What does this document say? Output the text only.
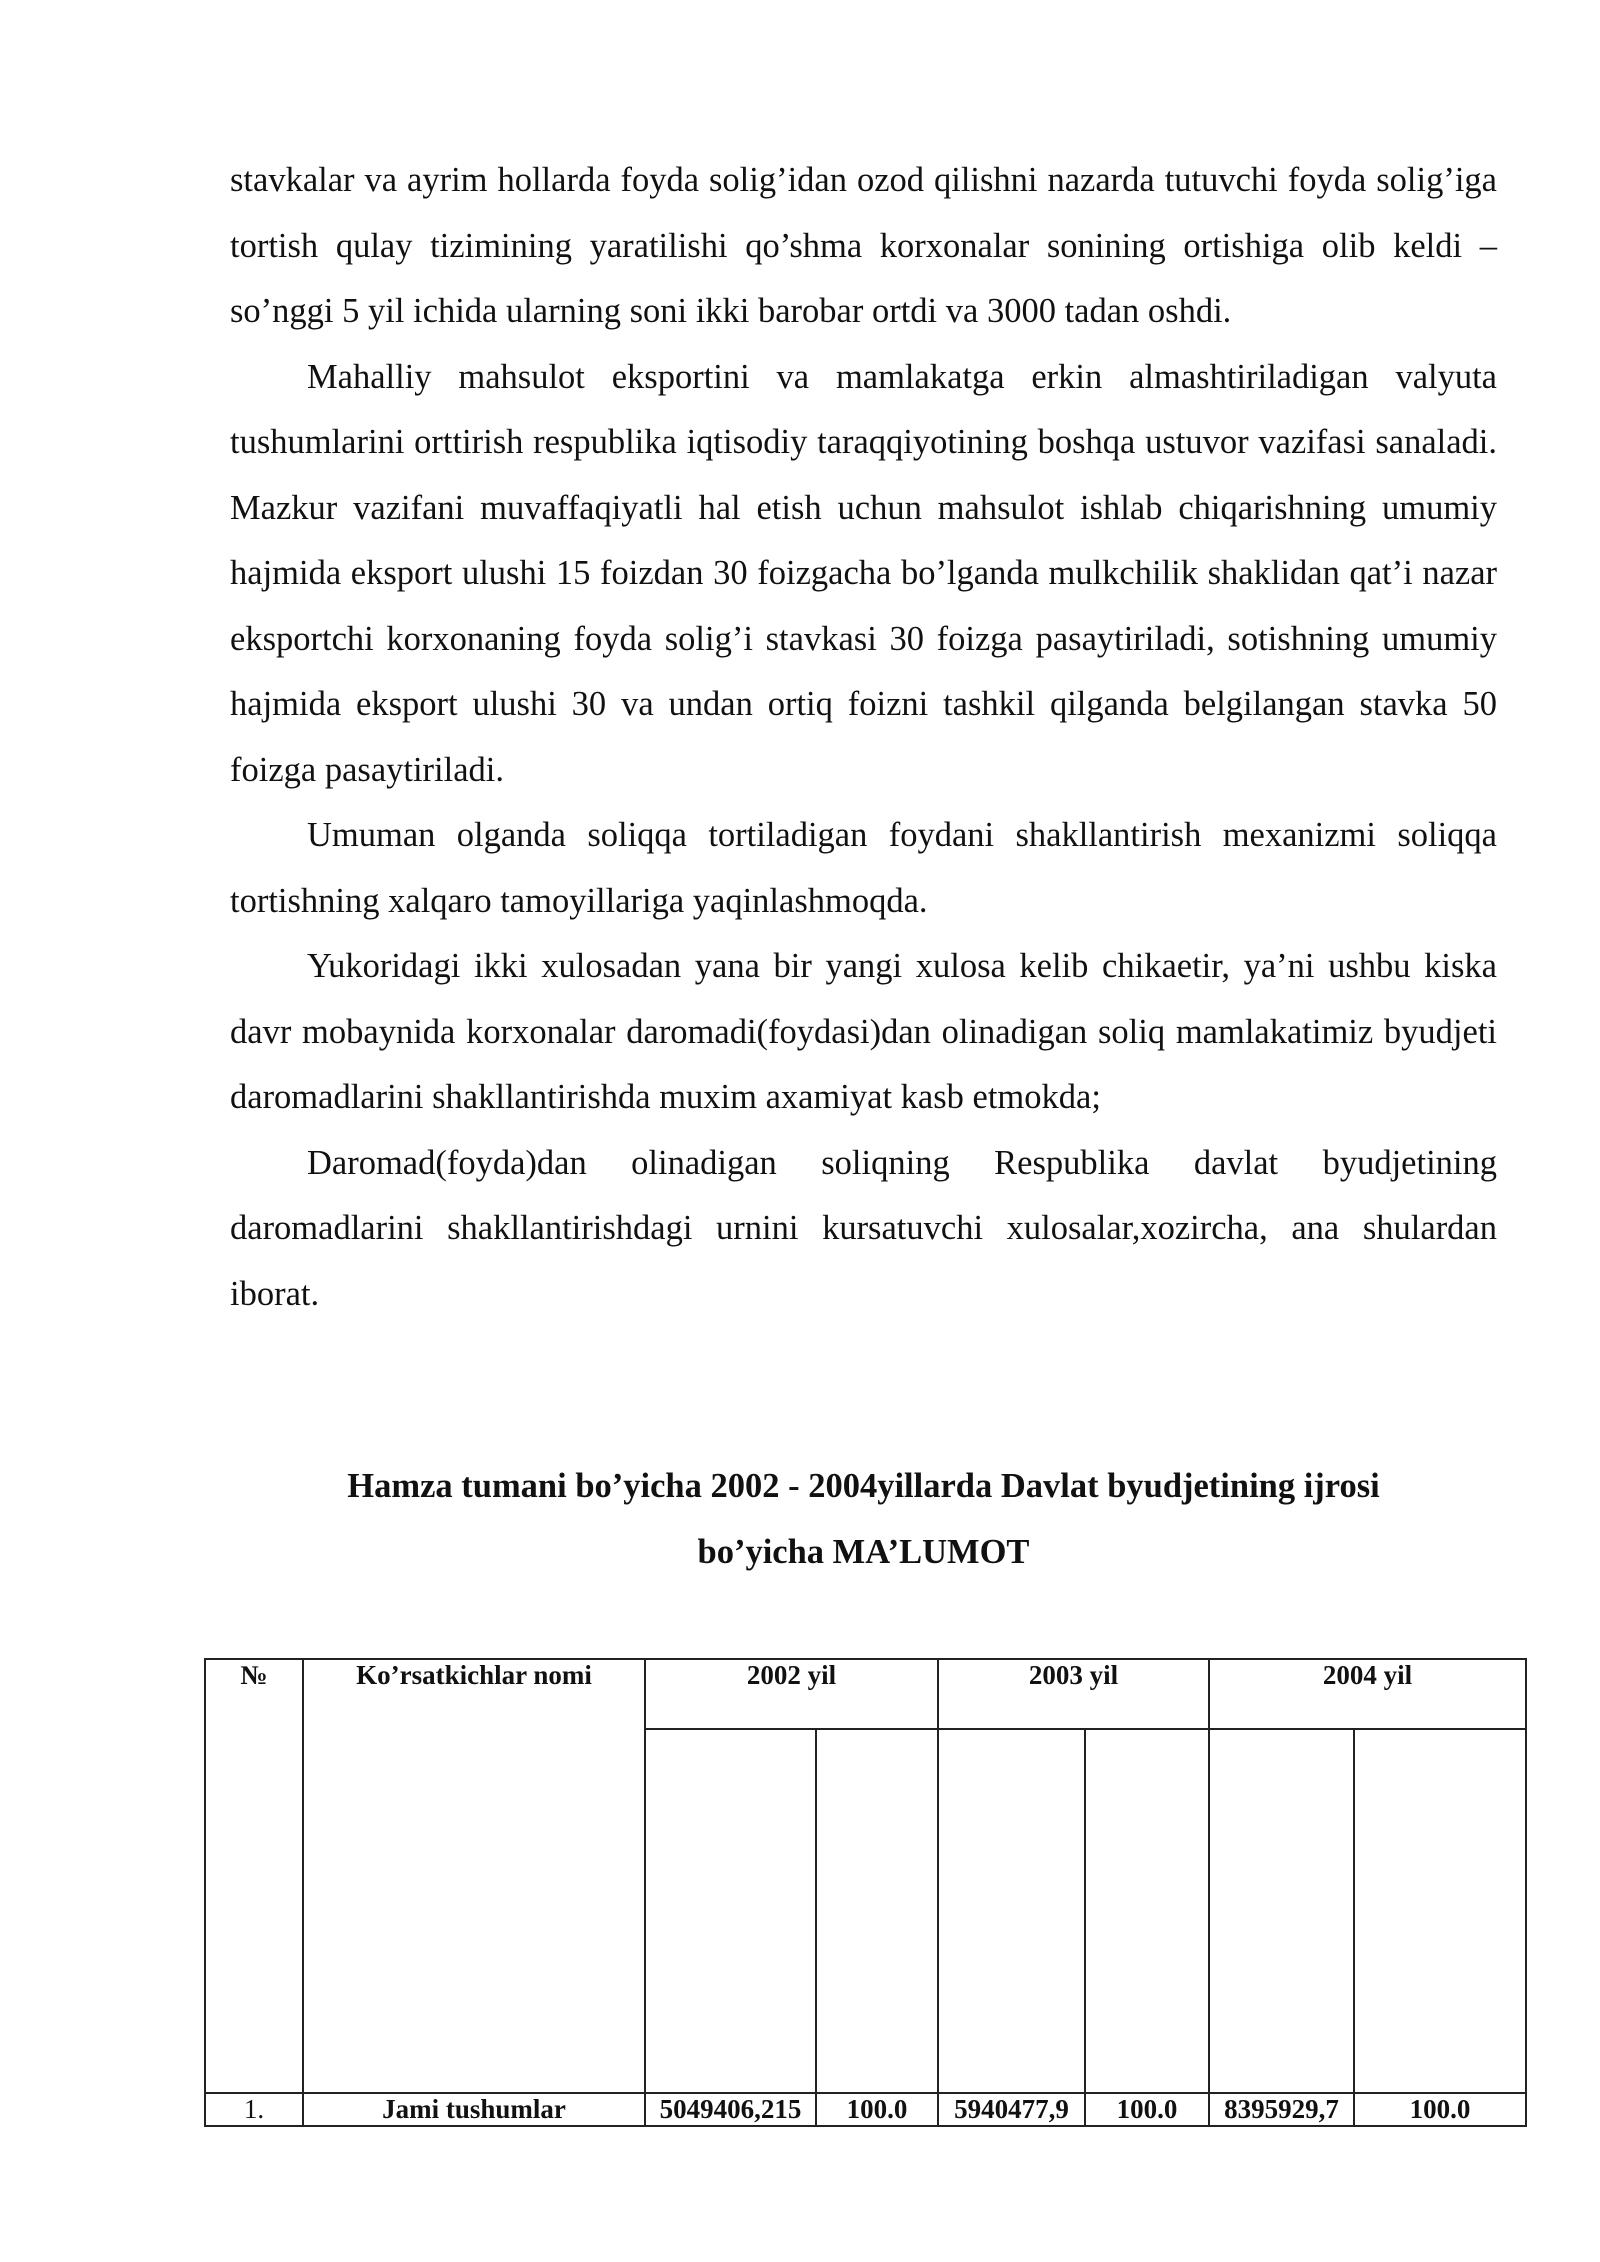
stavkalar va ayrim hollarda foyda solig’idan ozod qilishni nazarda tutuvchi foyda solig’iga tortish qulay tizimining yaratilishi qo’shma korxonalar sonining ortishiga olib keldi – so’nggi 5 yil ichida ularning soni ikki barobar ortdi va 3000 tadan oshdi.

Mahalliy mahsulot eksportini va mamlakatga erkin almashtiriladigan valyuta tushumlarini orttirish respublika iqtisodiy taraqqiyotining boshqa ustuvor vazifasi sanaladi. Mazkur vazifani muvaffaqiyatli hal etish uchun mahsulot ishlab chiqarishning umumiy hajmida eksport ulushi 15 foizdan 30 foizgacha bo’lganda mulkchilik shaklidan qat’i nazar eksportchi korxonaning foyda solig’i stavkasi 30 foizga pasaytiriladi, sotishning umumiy hajmida eksport ulushi 30 va undan ortiq foizni tashkil qilganda belgilangan stavka 50 foizga pasaytiriladi.

Umuman olganda soliqqa tortiladigan foydani shakllantirish mexanizmi soliqqa tortishning xalqaro tamoyillariga yaqinlashmoqda.

Yukoridagi ikki xulosadan yana bir yangi xulosa kelib chikaetir, ya’ni ushbu kiska davr mobaynida korxonalar daromadi(foydasi)dan olinadigan soliq mamlakatimiz byudjeti daromadlarini shakllantirishda muxim axamiyat kasb etmokda;

Daromad(foyda)dan olinadigan soliqning Respublika davlat byudjetining daromadlarini shakllantirishdagi urnini kursatuvchi xulosalar,xozircha, ana shulardan iborat.

Hamza tumani bo’yicha 2002 - 2004yillarda Davlat byudjetining ijrosi
bo’yicha MA’LUMOT
№	Ko’rsatkichlar nomi	2002 yil		2003 yil		2004 yil	

1.	Jami tushumlar	5049406,215	100.0	5940477,9	100.0	8395929,7	100.0
